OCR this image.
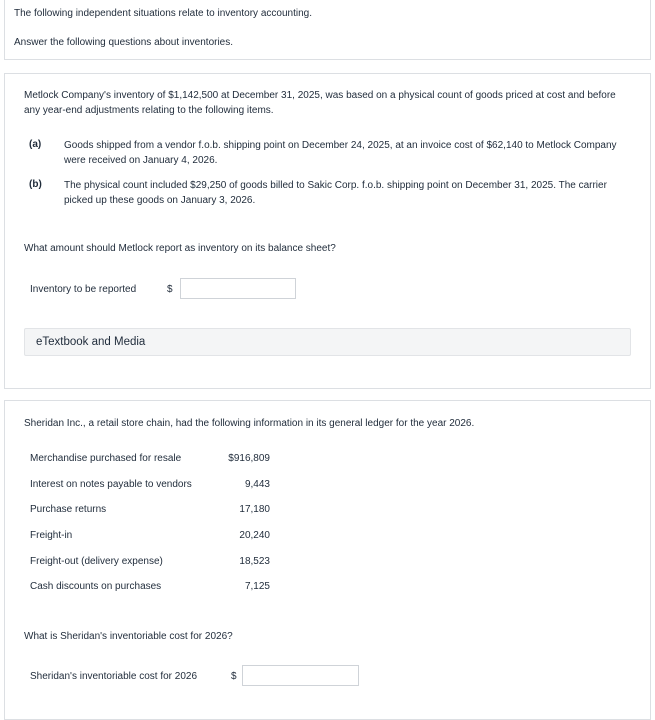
The following independent situations relate to inventory accounting.
Answer the following questions about inventories.
Metlock Company's inventory of $1,142,500 at December 31, 2025, was based on a physical count of goods priced at cost and before any year-end adjustments relating to the following items.
(a) Goods shipped from a vendor f.o.b. shipping point on December 24, 2025, at an invoice cost of $62,140 to Metlock Company were received on January 4, 2026.
(b) The physical count included $29,250 of goods billed to Sakic Corp. f.o.b. shipping point on December 31, 2025. The carrier picked up these goods on January 3, 2026.
What amount should Metlock report as inventory on its balance sheet?
Inventory to be reported	$
eTextbook and Media
Sheridan Inc., a retail store chain, had the following information in its general ledger for the year 2026.
Merchandise purchased for resale	$916,809
Interest on notes payable to vendors	9,443
Purchase returns	17,180
Freight-in	20,240
Freight-out (delivery expense)	18,523
Cash discounts on purchases	7,125
What is Sheridan's inventoriable cost for 2026?
Sheridan's inventoriable cost for 2026	$
